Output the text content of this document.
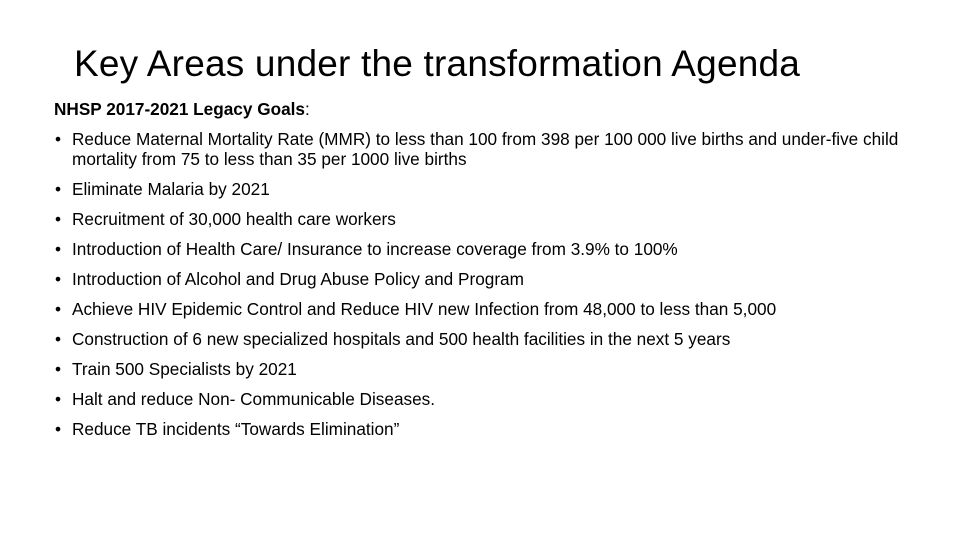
Key Areas under the transformation Agenda
NHSP 2017-2021 Legacy Goals:
• Reduce Maternal Mortality Rate (MMR) to less than 100 from 398 per 100 000 live births and under-five child mortality from 75 to less than 35 per 1000 live births
• Eliminate Malaria by 2021
• Recruitment of 30,000 health care workers
• Introduction of Health Care/ Insurance to increase coverage from 3.9% to 100%
• Introduction of Alcohol and Drug Abuse Policy and Program
• Achieve HIV Epidemic Control and Reduce HIV new Infection from 48,000 to less than 5,000
• Construction of 6 new specialized hospitals and 500 health facilities in the next 5 years
• Train 500 Specialists by 2021
• Halt and reduce Non- Communicable Diseases.
• Reduce TB incidents “Towards Elimination”
